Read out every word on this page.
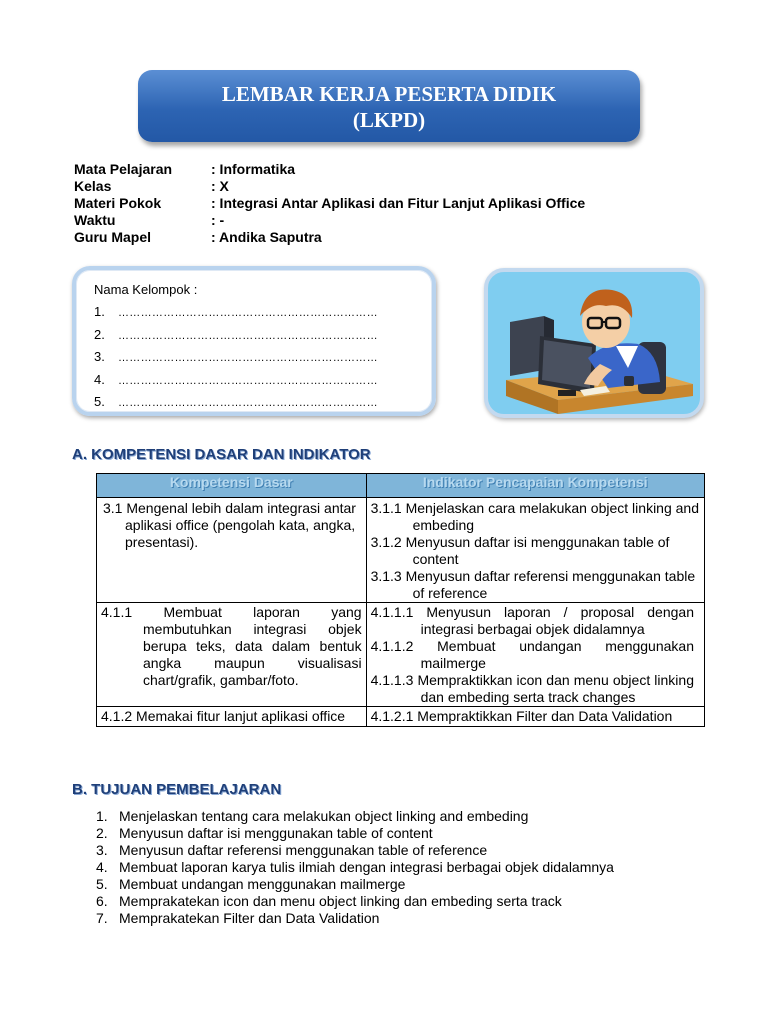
LEMBAR KERJA PESERTA DIDIK
(LKPD)
Mata Pelajaran	: Informatika
Kelas	: X
Materi Pokok	: Integrasi Antar Aplikasi dan Fitur Lanjut Aplikasi Office
Waktu	: -
Guru Mapel	: Andika Saputra
Nama Kelompok :
1. ……………………………………………………………
2. ……………………………………………………………
3. ……………………………………………………………
4. ……………………………………………………………
5. ……………………………………………………………
A. KOMPETENSI DASAR DAN INDIKATOR
Kompetensi Dasar	Indikator Pencapaian Kompetensi

3.1 Mengenal lebih dalam integrasi antar aplikasi office (pengolah kata, angka, presentasi).	3.1.1 Menjelaskan cara melakukan object linking and embeding
3.1.2 Menyusun daftar isi menggunakan table of content
3.1.3 Menyusun daftar referensi menggunakan table of reference

4.1.1 Membuat laporan yang membutuhkan integrasi objek berupa teks, data dalam bentuk angka maupun visualisasi chart/grafik, gambar/foto.	4.1.1.1 Menyusun laporan / proposal dengan integrasi berbagai objek didalamnya
4.1.1.2 Membuat undangan menggunakan mailmerge
4.1.1.3 Mempraktikkan icon dan menu object linking dan embeding serta track changes

4.1.2 Memakai fitur lanjut aplikasi office	4.1.2.1 Mempraktikkan Filter dan Data Validation
B. TUJUAN PEMBELAJARAN
1. Menjelaskan tentang cara melakukan object linking and embeding
2. Menyusun daftar isi menggunakan table of content
3. Menyusun daftar referensi menggunakan table of reference
4. Membuat laporan karya tulis ilmiah dengan integrasi berbagai objek didalamnya
5. Membuat undangan menggunakan mailmerge
6. Memprakatekan icon dan menu object linking dan embeding serta track
7. Memprakatekan Filter dan Data Validation
